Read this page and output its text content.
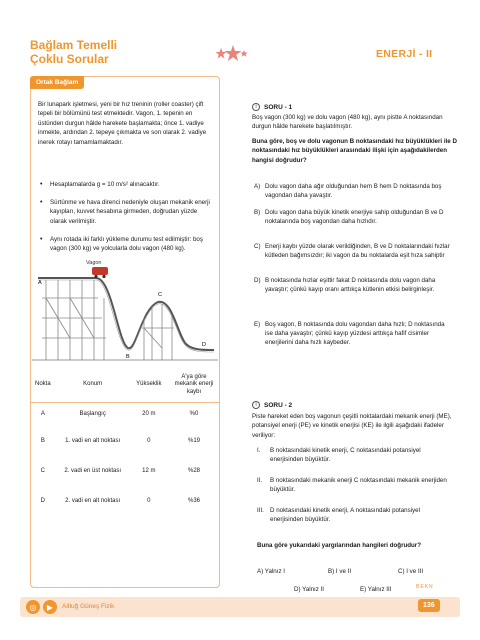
Bağlam Temelli
Çoklu Sorular	ENERJİ - II
Ortak Bağlam
Bir lunapark işletmesi, yeni bir hız treninin (roller coaster) çift tepeli bir bölümünü test etmektedir. Vagon, 1. tepenin en üstünden durgun hâlde harekete başlamakta; önce 1. vadiye inmekte, ardından 2. tepeye çıkmakta ve son olarak 2. vadiye inerek rotayı tamamlamaktadır.
•	Hesaplamalarda g = 10 m/s² alınacaktır.
•	Sürtünme ve hava direnci nedeniyle oluşan mekanik enerji kayıpları, kuvvet hesabına girmeden, doğrudan yüzde olarak verilmiştir.
•	Aynı rotada iki farklı yükleme durumu test edilmiştir: boş vagon (300 kg) ve yolcularla dolu vagon (480 kg).
Vagon
A
B
C
D
Nokta	Konum	Yükseklik	A'ya göre mekanik enerji kaybı
A	Başlangıç	20 m	%0
B	1. vadi en alt noktası	0	%19
C	2. vadi en üst noktası	12 m	%28
D	2. vadi en alt noktası	0	%36
i	SORU - 1
Boş vagon (300 kg) ve dolu vagon (480 kg), aynı pistte A noktasından durgun hâlde harekete başlatılmıştır.
Buna göre, boş ve dolu vagonun B noktasındaki hız büyüklükleri ile D noktasındaki hız büyüklükleri arasındaki ilişki için aşağıdakilerden hangisi doğrudur?
A) Dolu vagon daha ağır olduğundan hem B hem D noktasında boş vagondan daha yavaştır.
B) Dolu vagon daha büyük kinetik enerjiye sahip olduğundan B ve D noktalarında boş vagondan daha hızlıdır.
C) Enerji kaybı yüzde olarak verildiğinden, B ve D noktalarındaki hızlar kütleden bağımsızdır; iki vagon da bu noktalarda eşit hıza sahiptir
D) B noktasında hızlar eşittir fakat D noktasında dolu vagon daha yavaştır; çünkü kayıp oranı arttıkça kütlenin etkisi belirginleşir.
E) Boş vagon, B noktasında dolu vagondan daha hızlı; D noktasında ise daha yavaştır; çünkü kayıp yüzdesi arttıkça hafif cisimler enerjilerini daha hızlı kaybeder.
i	SORU - 2
Piste hareket eden boş vagonun çeşitli noktalardaki mekanik enerji (ME), potansiyel enerji (PE) ve kinetik enerjisi (KE) ile ilgili aşağıdaki ifadeler veriliyor:
I.	B noktasındaki kinetik enerji, C noktasındaki potansiyel enerjisinden büyüktür.
II.	B noktasındaki mekanik enerji C noktasındaki mekanik enerjiden büyüktür.
III. D noktasındaki kinetik enerji, A noktasındaki potansiyel enerjisinden büyüktür.
Buna göre yukarıdaki yargılarından hangileri doğrudur?
A) Yalnız I	B) I ve II	C) I ve III
D) Yalnız II	E) Yalnız III	BEKN
◎	▶	Aitluğ Güneş Fizik	136
